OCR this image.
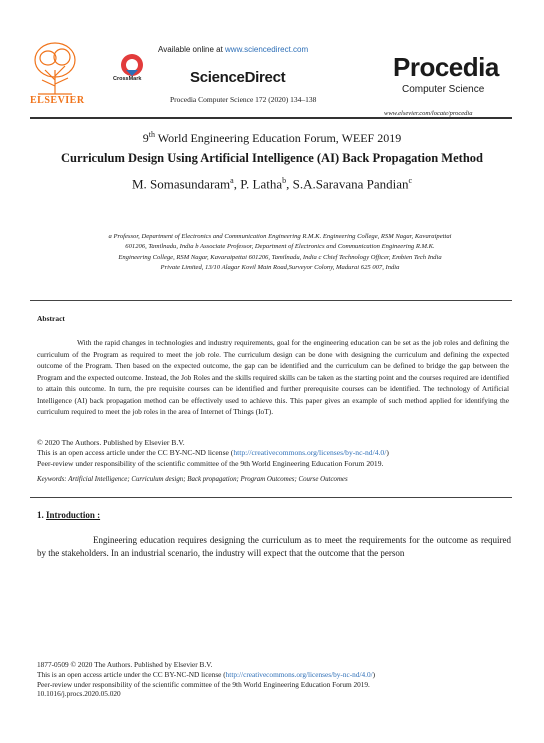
ELSEVIER
CrossMark
Available online at www.sciencedirect.com
ScienceDirect
Procedia Computer Science 172 (2020) 134–138
Procedia
Computer Science
www.elsevier.com/locate/procedia
9th World Engineering Education Forum, WEEF 2019
Curriculum Design Using Artificial Intelligence (AI) Back Propagation Method
M. Somasundaram$^a$, P. Latha$^b$, S.A.Saravana Pandian$^c$
a Professor, Department of Electronics and Communication Engineering R.M.K. Engineering College, RSM Nagar, Kavaraipettai
601206, Tamilnadu, India b Associate Professor, Department of Electronics and Communication Engineering R.M.K.
Engineering College, RSM Nagar, Kavaraipettai 601206, Tamilnadu, India c Chief Technology Officer, Embien Tech India
Private Limited, 13/10 Alagar Kovil Main Road,Surveyor Colony, Madurai 625 007, India
Abstract
With the rapid changes in technologies and industry requirements, goal for the engineering education can be set as the job roles and defining the curriculum of the Program as required to meet the job role. The curriculum design can be done with designing the curriculum and defining the expected outcome of the Program. Then based on the expected outcome, the gap can be identified and the curriculum can be defined to bridge the gap between the Program and the expected outcome. Instead, the Job Roles and the skills required skills can be taken as the starting point and the courses required are identified to attain this outcome. In turn, the pre requisite courses can be identified and further prerequisite courses can be identified. The technology of Artificial Intelligence (AI) back propagation method can be effectively used to achieve this. This paper gives an example of such method applied for identifying the curriculum required to meet the job roles in the area of Internet of Things (IoT).
© 2020 The Authors. Published by Elsevier B.V.
This is an open access article under the CC BY-NC-ND license (http://creativecommons.org/licenses/by-nc-nd/4.0/)
Peer-review under responsibility of the scientific committee of the 9th World Engineering Education Forum 2019.
Keywords: Artificial Intelligence; Curriculum design; Back propagation; Program Outcomes; Course Outcomes
1. Introduction :
Engineering education requires designing the curriculum as to meet the requirements for the outcome as required by the stakeholders. In an industrial scenario, the industry will expect that the outcome that the person
1877-0509 © 2020 The Authors. Published by Elsevier B.V.
This is an open access article under the CC BY-NC-ND license (http://creativecommons.org/licenses/by-nc-nd/4.0/)
Peer-review under responsibility of the scientific committee of the 9th World Engineering Education Forum 2019.
10.1016/j.procs.2020.05.020
